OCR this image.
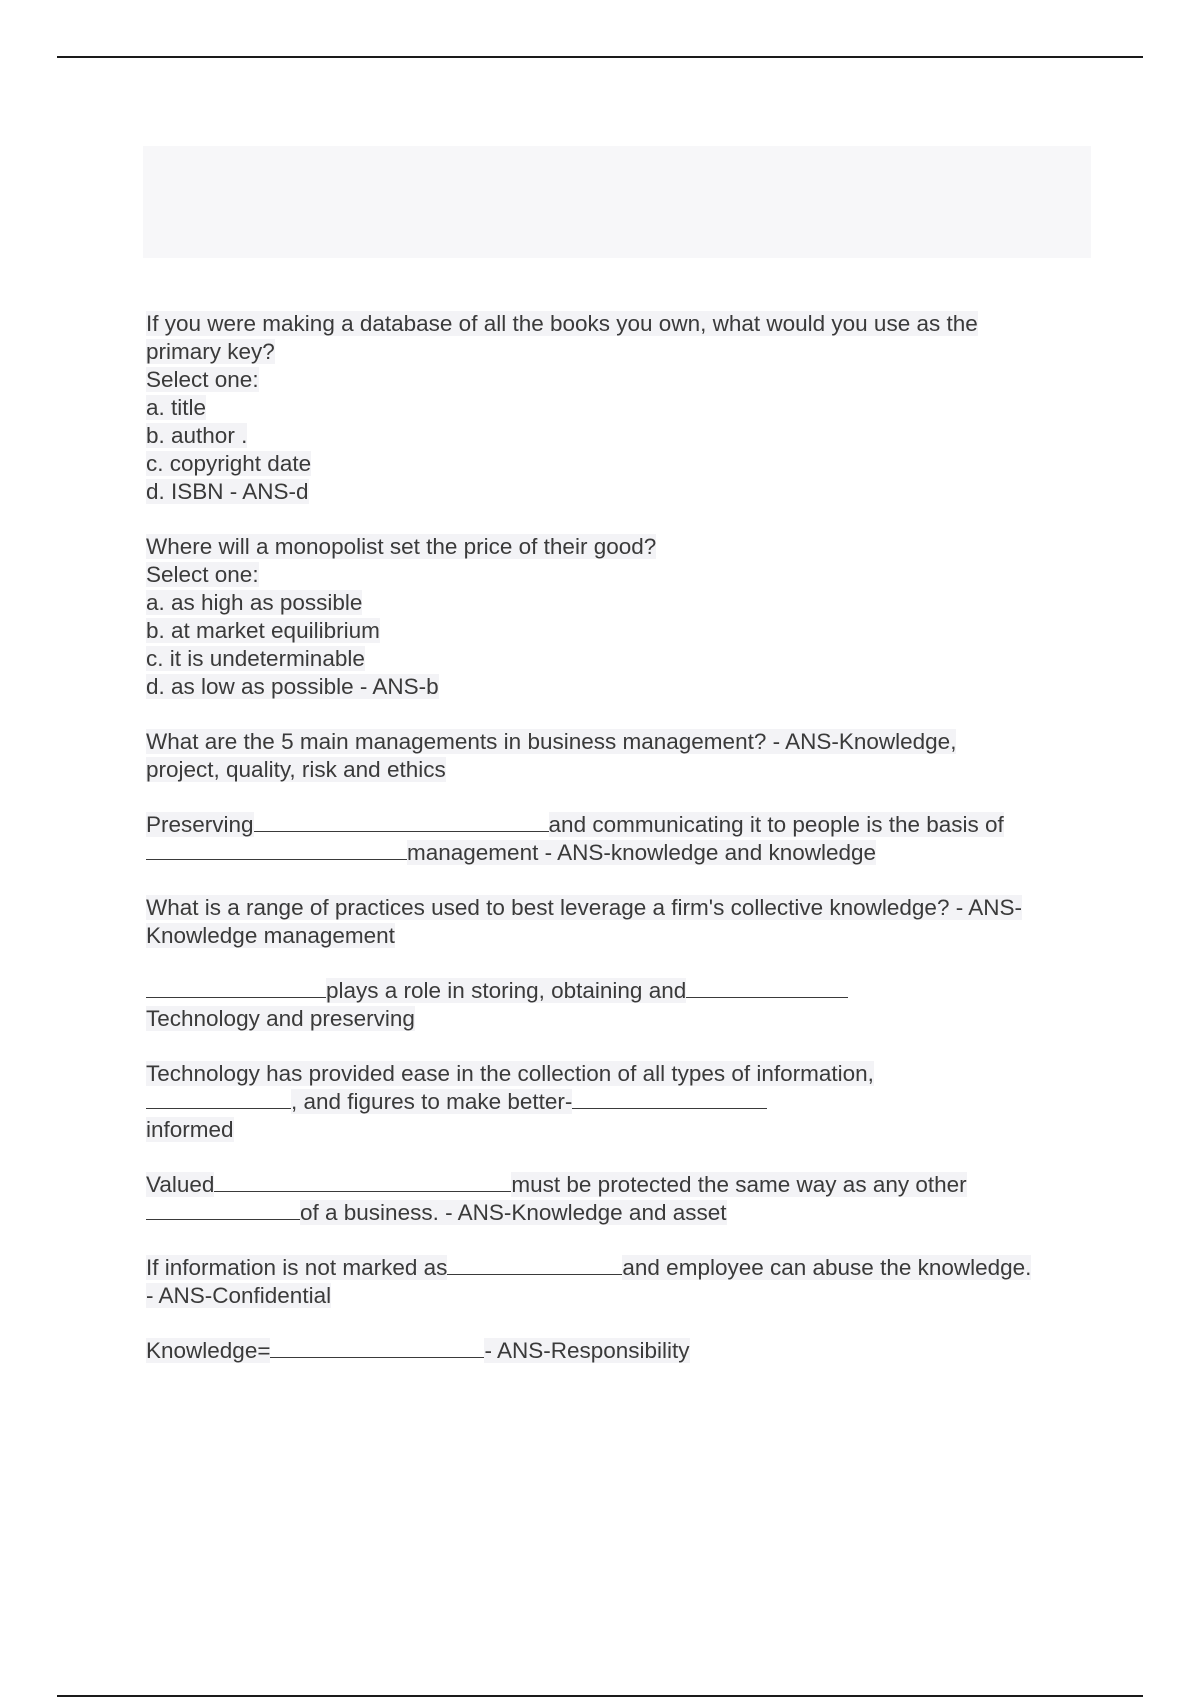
If you were making a database of all the books you own, what would you use as the
primary key?
Select one:
a. title
b. author .
c. copyright date
d. ISBN - ANS-d
Where will a monopolist set the price of their good?
Select one:
a. as high as possible
b. at market equilibrium
c. it is undeterminable
d. as low as possible - ANS-b
What are the 5 main managements in business management? - ANS-Knowledge,
project, quality, risk and ethics
Preserving	and communicating it to people is the basis of
management - ANS-knowledge and knowledge
What is a range of practices used to best leverage a firm's collective knowledge? - ANS-
Knowledge management
plays a role in storing, obtaining and
Technology and preserving
Technology has provided ease in the collection of all types of information,
, and figures to make better-
informed
Valued	must be protected the same way as any other
of a business. - ANS-Knowledge and asset
If information is not marked as	and employee can abuse the knowledge.
- ANS-Confidential
Knowledge=	- ANS-Responsibility
